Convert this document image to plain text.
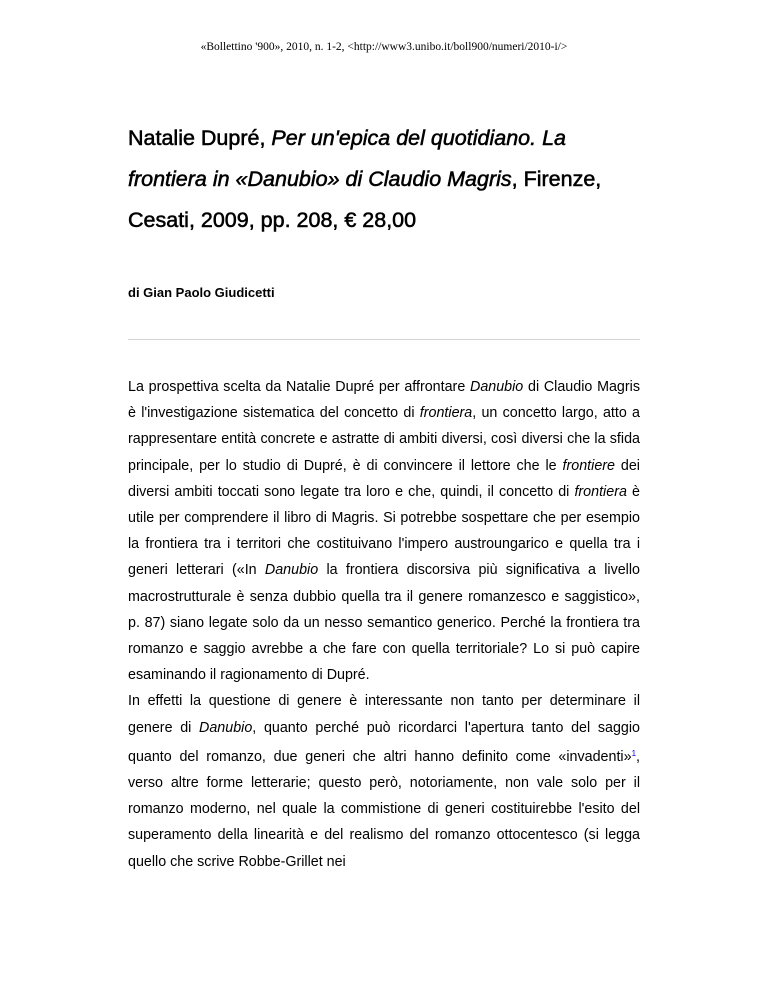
«Bollettino '900», 2010, n. 1-2, <http://www3.unibo.it/boll900/numeri/2010-i/>
Natalie Dupré, Per un'epica del quotidiano. La frontiera in «Danubio» di Claudio Magris, Firenze, Cesati, 2009, pp. 208, € 28,00

di Gian Paolo Giudicetti

La prospettiva scelta da Natalie Dupré per affrontare Danubio di Claudio Magris è l'investigazione sistematica del concetto di frontiera, un concetto largo, atto a rappresentare entità concrete e astratte di ambiti diversi, così diversi che la sfida principale, per lo studio di Dupré, è di convincere il lettore che le frontiere dei diversi ambiti toccati sono legate tra loro e che, quindi, il concetto di frontiera è utile per comprendere il libro di Magris. Si potrebbe sospettare che per esempio la frontiera tra i territori che costituivano l'impero austroungarico e quella tra i generi letterari («In Danubio la frontiera discorsiva più significativa a livello macrostrutturale è senza dubbio quella tra il genere romanzesco e saggistico», p. 87) siano legate solo da un nesso semantico generico. Perché la frontiera tra romanzo e saggio avrebbe a che fare con quella territoriale? Lo si può capire esaminando il ragionamento di Dupré.

In effetti la questione di genere è interessante non tanto per determinare il genere di Danubio, quanto perché può ricordarci l'apertura tanto del saggio quanto del romanzo, due generi che altri hanno definito come «invadenti»$^1$, verso altre forme letterarie; questo però, notoriamente, non vale solo per il romanzo moderno, nel quale la commistione di generi costituirebbe l'esito del superamento della linearità e del realismo del romanzo ottocentesco (si legga quello che scrive Robbe-Grillet nei
